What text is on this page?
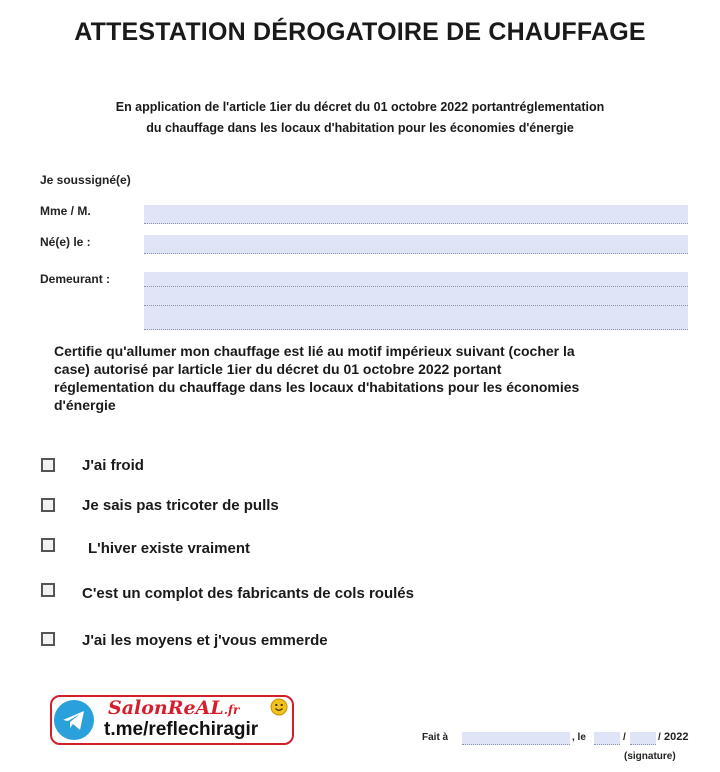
ATTESTATION DÉROGATOIRE DE CHAUFFAGE
En application de l'article 1ier du décret du 01 octobre 2022 portantréglementation
du chauffage dans les locaux d'habitation pour les économies d'énergie
Je soussigné(e)
Mme / M.
Né(e) le :
Demeurant :
Certifie qu'allumer mon chauffage est lié au motif impérieux suivant (cocher la
case) autorisé par larticle 1ier du décret du 01 octobre 2022 portant
réglementation du chauffage dans les locaux d'habitations pour les économies
d'énergie
J'ai froid
Je sais pas tricoter de pulls
L'hiver existe vraiment
C'est un complot des fabricants de cols roulés
J'ai les moyens et j'vous emmerde
SalonReAL.fr
t.me/reflechiragir	Fait à	, le	/	/ 2022
(signature)
